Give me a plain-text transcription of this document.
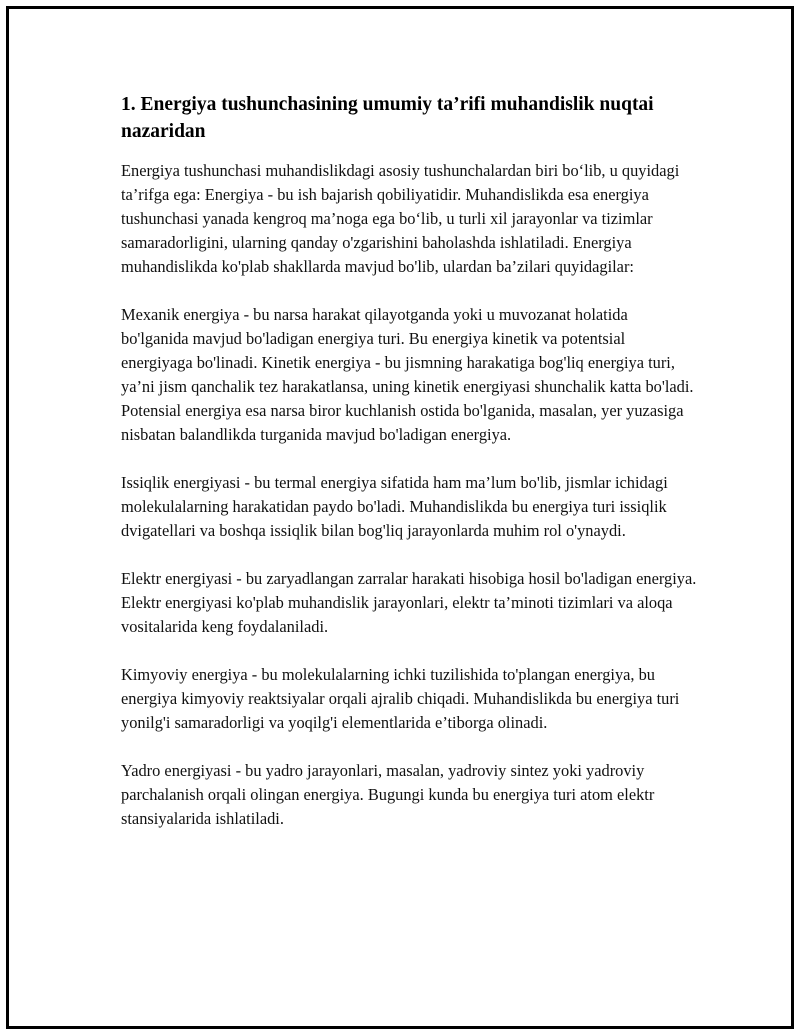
1. Energiya tushunchasining umumiy ta’rifi muhandislik nuqtai nazaridan

Energiya tushunchasi muhandislikdagi asosiy tushunchalardan biri bo‘lib, u quyidagi ta’rifga ega: Energiya - bu ish bajarish qobiliyatidir. Muhandislikda esa energiya tushunchasi yanada kengroq ma’noga ega bo‘lib, u turli xil jarayonlar va tizimlar samaradorligini, ularning qanday o'zgarishini baholashda ishlatiladi. Energiya muhandislikda ko'plab shakllarda mavjud bo'lib, ulardan ba’zilari quyidagilar:

Mexanik energiya - bu narsa harakat qilayotganda yoki u muvozanat holatida bo'lganida mavjud bo'ladigan energiya turi. Bu energiya kinetik va potentsial energiyaga bo'linadi. Kinetik energiya - bu jismning harakatiga bog'liq energiya turi, ya’ni jism qanchalik tez harakatlansa, uning kinetik energiyasi shunchalik katta bo'ladi. Potensial energiya esa narsa biror kuchlanish ostida bo'lganida, masalan, yer yuzasiga nisbatan balandlikda turganida mavjud bo'ladigan energiya.

Issiqlik energiyasi - bu termal energiya sifatida ham ma’lum bo'lib, jismlar ichidagi molekulalarning harakatidan paydo bo'ladi. Muhandislikda bu energiya turi issiqlik dvigatellari va boshqa issiqlik bilan bog'liq jarayonlarda muhim rol o'ynaydi.

Elektr energiyasi - bu zaryadlangan zarralar harakati hisobiga hosil bo'ladigan energiya. Elektr energiyasi ko'plab muhandislik jarayonlari, elektr ta’minoti tizimlari va aloqa vositalarida keng foydalaniladi.

Kimyoviy energiya - bu molekulalarning ichki tuzilishida to'plangan energiya, bu energiya kimyoviy reaktsiyalar orqali ajralib chiqadi. Muhandislikda bu energiya turi yonilg'i samaradorligi va yoqilg'i elementlarida e’tiborga olinadi.

Yadro energiyasi - bu yadro jarayonlari, masalan, yadroviy sintez yoki yadroviy parchalanish orqali olingan energiya. Bugungi kunda bu energiya turi atom elektr stansiyalarida ishlatiladi.
